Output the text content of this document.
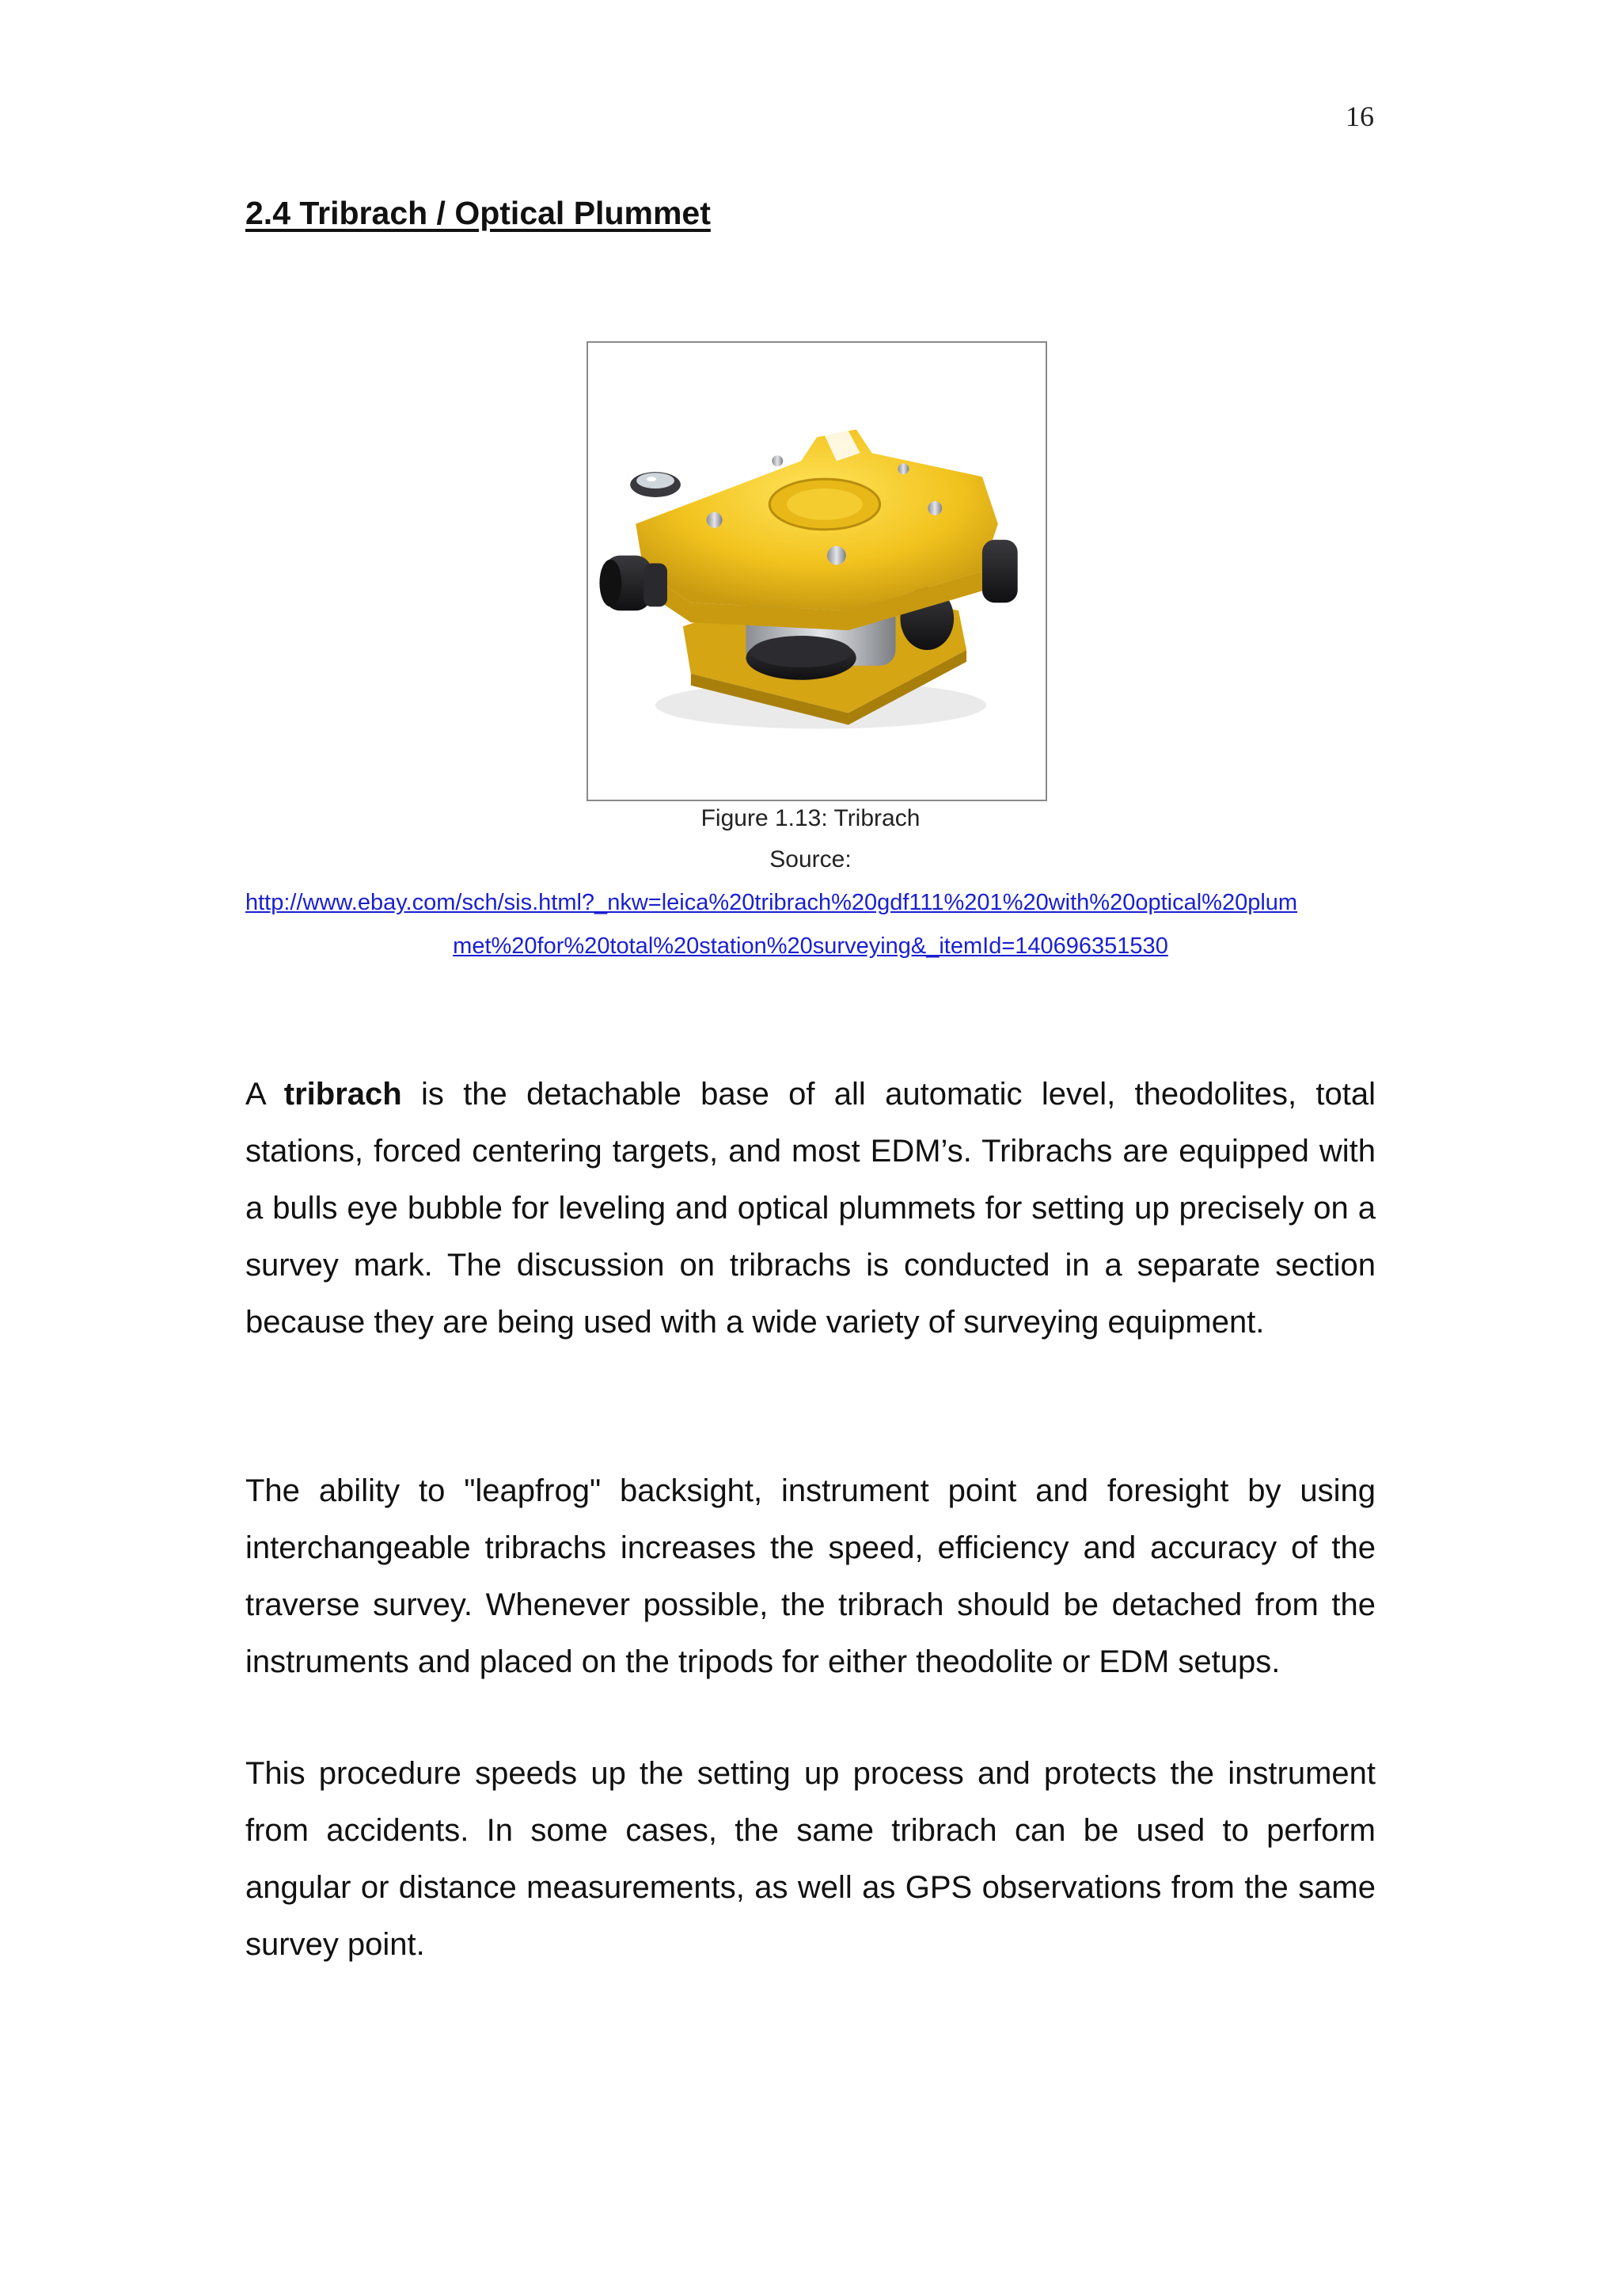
16
2.4 Tribrach / Optical Plummet
Figure 1.13: Tribrach
Source:
http://www.ebay.com/sch/sis.html?_nkw=leica%20tribrach%20gdf111%201%20with%20optical%20plum
met%20for%20total%20station%20surveying&_itemId=140696351530

A tribrach is the detachable base of all automatic level, theodolites, total stations, forced centering targets, and most EDM’s. Tribrachs are equipped with a bulls eye bubble for leveling and optical plummets for setting up precisely on a survey mark. The discussion on tribrachs is conducted in a separate section because they are being used with a wide variety of surveying equipment.

The ability to "leapfrog" backsight, instrument point and foresight by using interchangeable tribrachs increases the speed, efficiency and accuracy of the traverse survey. Whenever possible, the tribrach should be detached from the instruments and placed on the tripods for either theodolite or EDM setups.

This procedure speeds up the setting up process and protects the instrument from accidents. In some cases, the same tribrach can be used to perform angular or distance measurements, as well as GPS observations from the same survey point.
